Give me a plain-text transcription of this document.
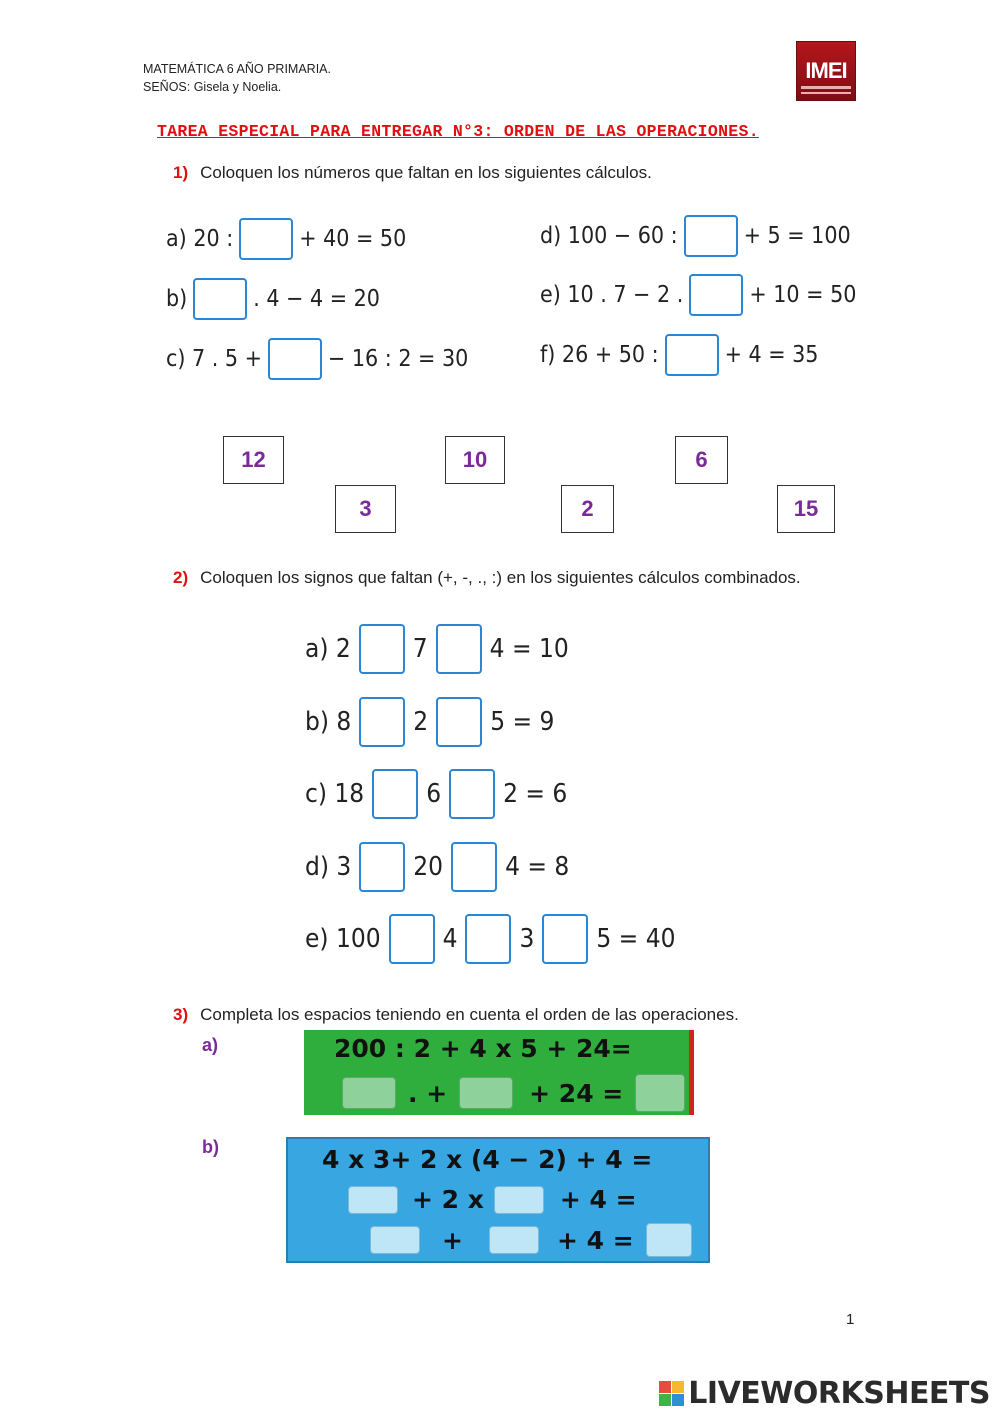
MATEMÁTICA 6 AÑO PRIMARIA.
SEÑOS: Gisela y Noelia.
IMEI
TAREA ESPECIAL PARA ENTREGAR N°3: ORDEN DE LAS OPERACIONES.
1) Coloquen los números que faltan en los siguientes cálculos.
a) 20 :	+ 40 = 50
b)	. 4 − 4 = 20
c) 7 . 5 +	− 16 : 2 = 30
d) 100 − 60 :	+ 5 = 100
e) 10 . 7 − 2 .	+ 10 = 50
f) 26 + 50 :	+ 4 = 35
12	10	6
3	2	15
2) Coloquen los signos que faltan (+, -, ., :) en los siguientes cálculos combinados.
a) 2 7 4 = 10
b) 8 2 5 = 9
c) 18 6 2 = 6
d) 3 20 4 = 8
e) 100 4 3 5 = 40
3) Completa los espacios teniendo en cuenta el orden de las operaciones.
a)	200 : 2 + 4 x 5 + 24=
. +	+ 24 =
b)	4 x 3+ 2 x (4 − 2) + 4 =
+ 2 x	+ 4 =
+	+ 4 =
1
LIVEWORKSHEETS
